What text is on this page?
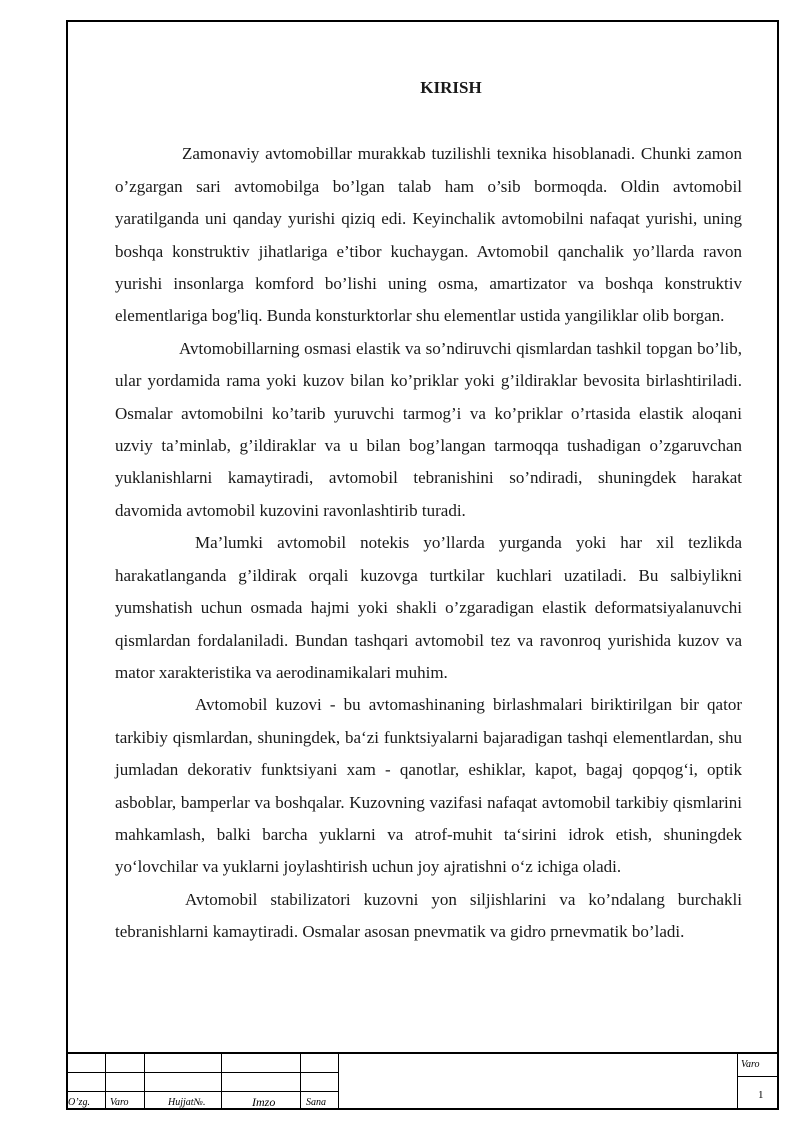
KIRISH

Zamonaviy avtomobillar murakkab tuzilishli texnika hisoblanadi. Chunki zamon o’zgargan sari avtomobilga bo’lgan talab ham o’sib bormoqda. Oldin avtomobil yaratilganda uni qanday yurishi qiziq edi. Keyinchalik avtomobilni nafaqat yurishi, uning boshqa konstruktiv jihatlariga e’tibor kuchaygan. Avtomobil qanchalik yo’llarda ravon yurishi insonlarga komford bo’lishi uning osma, amartizator va boshqa konstruktiv elementlariga bog'liq. Bunda konsturktorlar shu elementlar ustida yangiliklar olib borgan.

Avtomobillarning osmasi elastik va so’ndiruvchi qismlardan tashkil topgan bo’lib, ular yordamida rama yoki kuzov bilan ko’priklar yoki g’ildiraklar bevosita birlashtiriladi. Osmalar avtomobilni ko’tarib yuruvchi tarmog’i va ko’priklar o’rtasida elastik aloqani uzviy ta’minlab, g’ildiraklar va u bilan bog’langan tarmoqqa tushadigan o’zgaruvchan yuklanishlarni kamaytiradi, avtomobil tebranishini so’ndiradi, shuningdek harakat davomida avtomobil kuzovini ravonlashtirib turadi.

Ma’lumki avtomobil notekis yo’llarda yurganda yoki har xil tezlikda harakatlanganda g’ildirak orqali kuzovga turtkilar kuchlari uzatiladi. Bu salbiylikni yumshatish uchun osmada hajmi yoki shakli o’zgaradigan elastik deformatsiyalanuvchi qismlardan fordalaniladi. Bundan tashqari avtomobil tez va ravonroq yurishida kuzov va mator xarakteristika va aerodinamikalari muhim.

Avtomobil kuzovi - bu avtomashinaning birlashmalari biriktirilgan bir qator tarkibiy qismlardan, shuningdek, ba‘zi funktsiyalarni bajaradigan tashqi elementlardan, shu jumladan dekorativ funktsiyani xam - qanotlar, eshiklar, kapot, bagaj qopqog‘i, optik asboblar, bamperlar va boshqalar. Kuzovning vazifasi nafaqat avtomobil tarkibiy qismlarini mahkamlash, balki barcha yuklarni va atrof-muhit ta‘sirini idrok etish, shuningdek yo‘lovchilar va yuklarni joylashtirish uchun joy ajratishni o‘z ichiga oladi.

Avtomobil stabilizatori kuzovni yon siljishlarini va ko’ndalang burchakli tebranishlarni kamaytiradi. Osmalar asosan pnevmatik va gidro prnevmatik bo’ladi.

O’zg. Varo	Hujjat№.	Imzo	Sana
Varo
1
